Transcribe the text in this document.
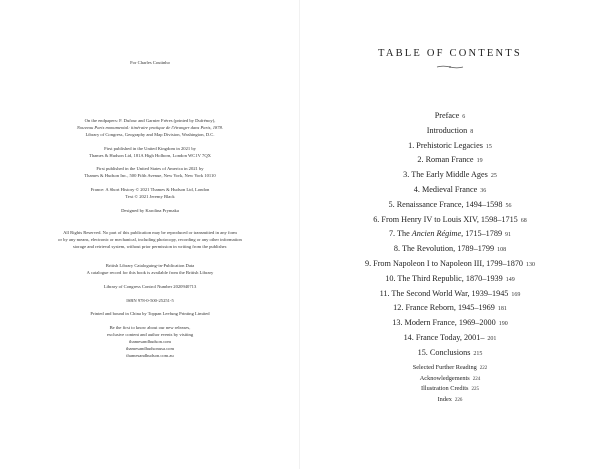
For Charles Coutinho
On the endpapers: F. Dufour and Garnier Frères (printed by Dufrénoy),
Nouveau Paris monumental: itinéraire pratique de l'étranger dans Paris, 1878.
Library of Congress, Geography and Map Division, Washington, D.C.
First published in the United Kingdom in 2021 by
Thames & Hudson Ltd, 181A High Holborn, London WC1V 7QX
First published in the United States of America in 2021 by
Thames & Hudson Inc., 500 Fifth Avenue, New York, New York 10110
France: A Short History © 2021 Thames & Hudson Ltd, London
Text © 2021 Jeremy Black
Designed by Karolina Prymaka
All Rights Reserved. No part of this publication may be reproduced or transmitted in any form
or by any means, electronic or mechanical, including photocopy, recording or any other information
storage and retrieval system, without prior permission in writing from the publisher.
British Library Cataloguing-in-Publication Data
A catalogue record for this book is available from the British Library
Library of Congress Control Number 2020940713
ISBN 978-0-500-25251-5
Printed and bound in China by Toppan Leefung Printing Limited
Be the first to know about our new releases,
exclusive content and author events by visiting
thamesandhudson.com
thamesandhudsonusa.com
thamesandhudson.com.au
TABLE OF CONTENTS
Preface 6
Introduction 8
1. Prehistoric Legacies 15
2. Roman France 19
3. The Early Middle Ages 25
4. Medieval France 36
5. Renaissance France, 1494–1598 56
6. From Henry IV to Louis XIV, 1598–1715 68
7. The Ancien Régime, 1715–1789 91
8. The Revolution, 1789–1799 108
9. From Napoleon I to Napoleon III, 1799–1870 130
10. The Third Republic, 1870–1939 149
11. The Second World War, 1939–1945 169
12. France Reborn, 1945–1969 181
13. Modern France, 1969–2000 190
14. France Today, 2001– 201
15. Conclusions 215
Selected Further Reading 222
Acknowledgements 224
Illustration Credits 225
Index 226
